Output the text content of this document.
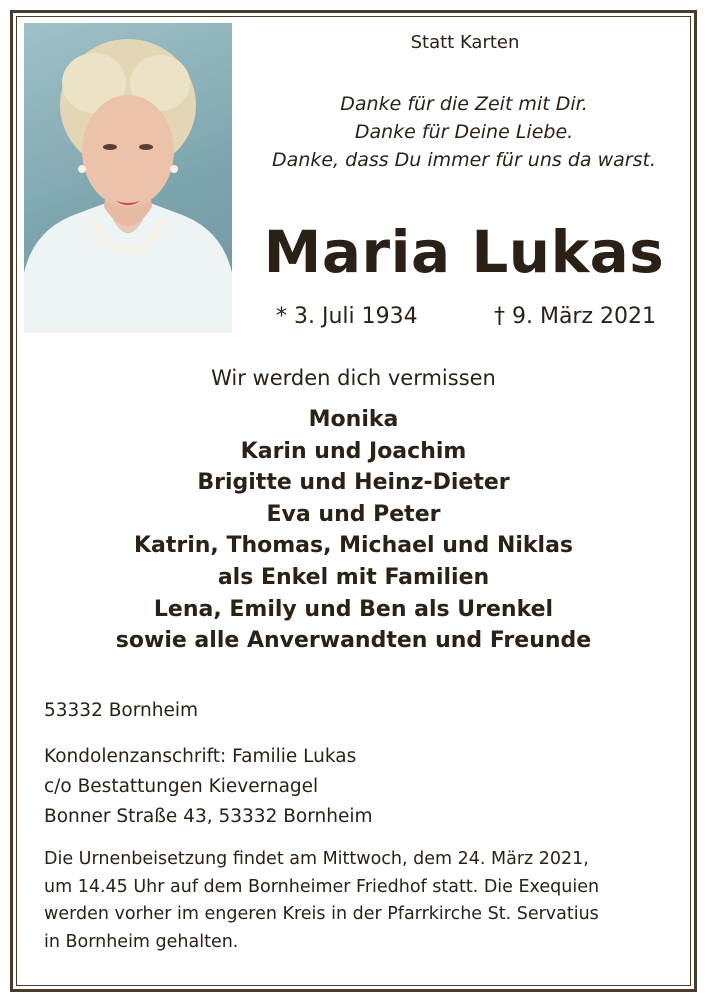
Statt Karten
Danke für die Zeit mit Dir.
Danke für Deine Liebe.
Danke, dass Du immer für uns da warst.
Maria Lukas
* 3. Juli 1934	† 9. März 2021
Wir werden dich vermissen
Monika
Karin und Joachim
Brigitte und Heinz-Dieter
Eva und Peter
Katrin, Thomas, Michael und Niklas
als Enkel mit Familien
Lena, Emily und Ben als Urenkel
sowie alle Anverwandten und Freunde
53332 Bornheim
Kondolenzanschrift: Familie Lukas
c/o Bestattungen Kievernagel
Bonner Straße 43, 53332 Bornheim
Die Urnenbeisetzung findet am Mittwoch, dem 24. März 2021,
um 14.45 Uhr auf dem Bornheimer Friedhof statt. Die Exequien
werden vorher im engeren Kreis in der Pfarrkirche St. Servatius
in Bornheim gehalten.
